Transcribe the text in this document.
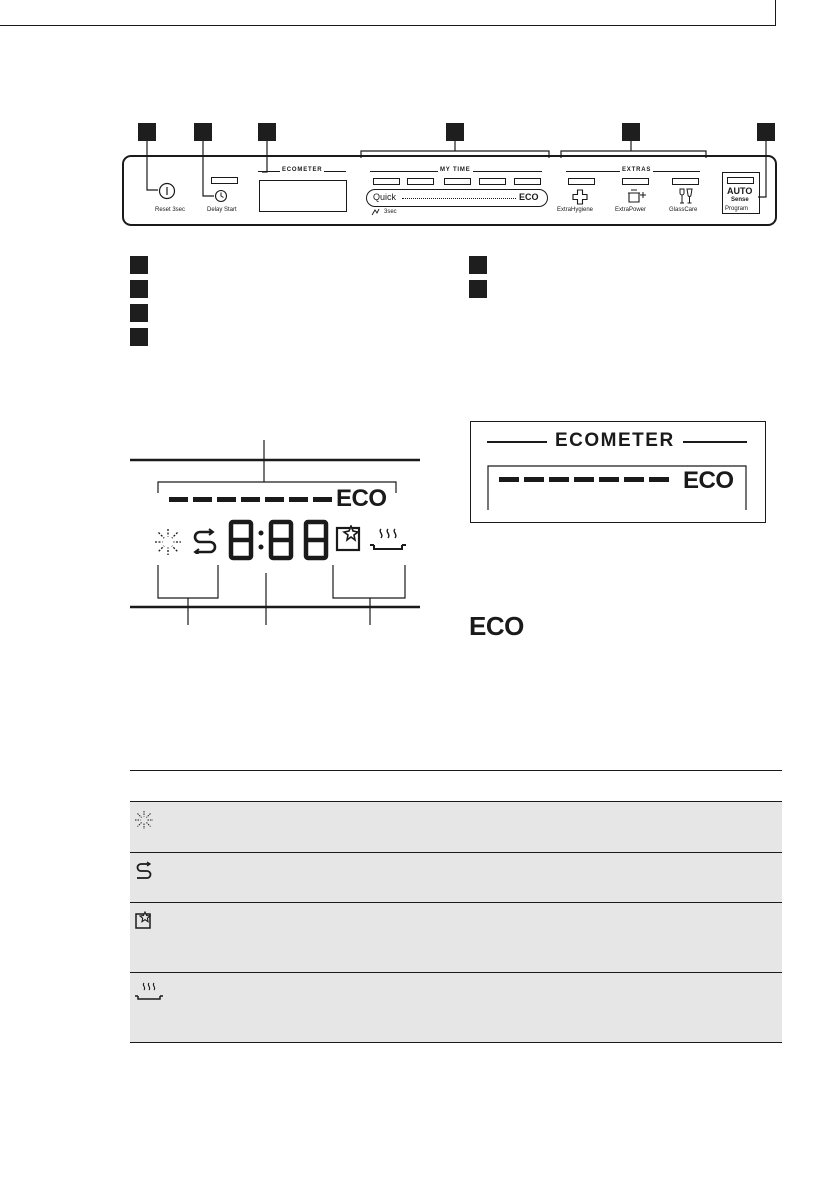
Reset 3sec	Delay Start
ECOMETER	MY TIME
Quick	ECO
3sec
EXTRAS
ExtraHygiene	ExtraPower	GlassCare
AUTO
Sense
Program
ECO
ECOMETER
ECO
ECO
